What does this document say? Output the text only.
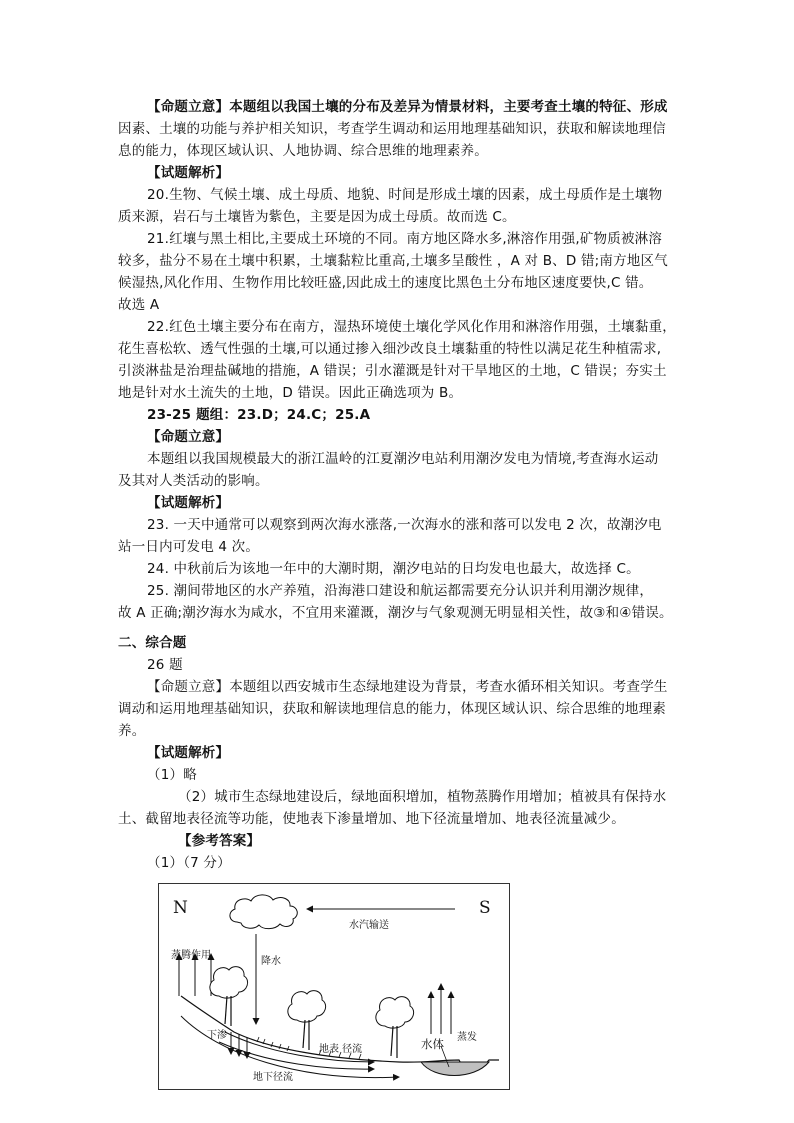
【命题立意】本题组以我国土壤的分布及差异为情景材料，主要考查土壤的特征、形成
因素、土壤的功能与养护相关知识，考查学生调动和运用地理基础知识，获取和解读地理信
息的能力，体现区域认识、人地协调、综合思维的地理素养。
【试题解析】
20.生物、气候土壤、成土母质、地貌、时间是形成土壤的因素，成土母质作是土壤物
质来源，岩石与土壤皆为紫色，主要是因为成土母质。故而选 C。
21.红壤与黑土相比,主要成土环境的不同。南方地区降水多,淋溶作用强,矿物质被淋溶
较多，盐分不易在土壤中积累，土壤黏粒比重高,土壤多呈酸性 ，A 对 B、D 错;南方地区气
候湿热,风化作用、生物作用比较旺盛,因此成土的速度比黑色土分布地区速度要快,C 错。
故选 A
22.红色土壤主要分布在南方，湿热环境使土壤化学风化作用和淋溶作用强，土壤黏重，
花生喜松软、透气性强的土壤,可以通过掺入细沙改良土壤黏重的特性以满足花生种植需求,
引淡淋盐是治理盐碱地的措施，A 错误；引水灌溉是针对干旱地区的土地，C 错误；夯实土
地是针对水土流失的土地，D 错误。因此正确选项为 B。
23-25 题组：23.D；24.C；25.A
【命题立意】
本题组以我国规模最大的浙江温岭的江夏潮汐电站利用潮汐发电为情境,考查海水运动
及其对人类活动的影响。
【试题解析】
23. 一天中通常可以观察到两次海水涨落,一次海水的涨和落可以发电 2 次，故潮汐电
站一日内可发电 4 次。
24. 中秋前后为该地一年中的大潮时期，潮汐电站的日均发电也最大，故选择 C。
25. 潮间带地区的水产养殖，沿海港口建设和航运都需要充分认识并利用潮汐规律，
故 A 正确;潮汐海水为咸水，不宜用来灌溉，潮汐与气象观测无明显相关性，故③和④错误。
二、综合题
26 题
【命题立意】本题组以西安城市生态绿地建设为背景，考查水循环相关知识。考查学生
调动和运用地理基础知识，获取和解读地理信息的能力，体现区域认识、综合思维的地理素
养。
【试题解析】
（1）略
（2）城市生态绿地建设后，绿地面积增加，植物蒸腾作用增加；植被具有保持水
土、截留地表径流等功能，使地表下渗量增加、地下径流量增加、地表径流量减少。
【参考答案】
（1）（7 分）
N	S
水汽输送
蒸腾作用
降水
下渗
地表 径流
地下径流
水体 蒸发
